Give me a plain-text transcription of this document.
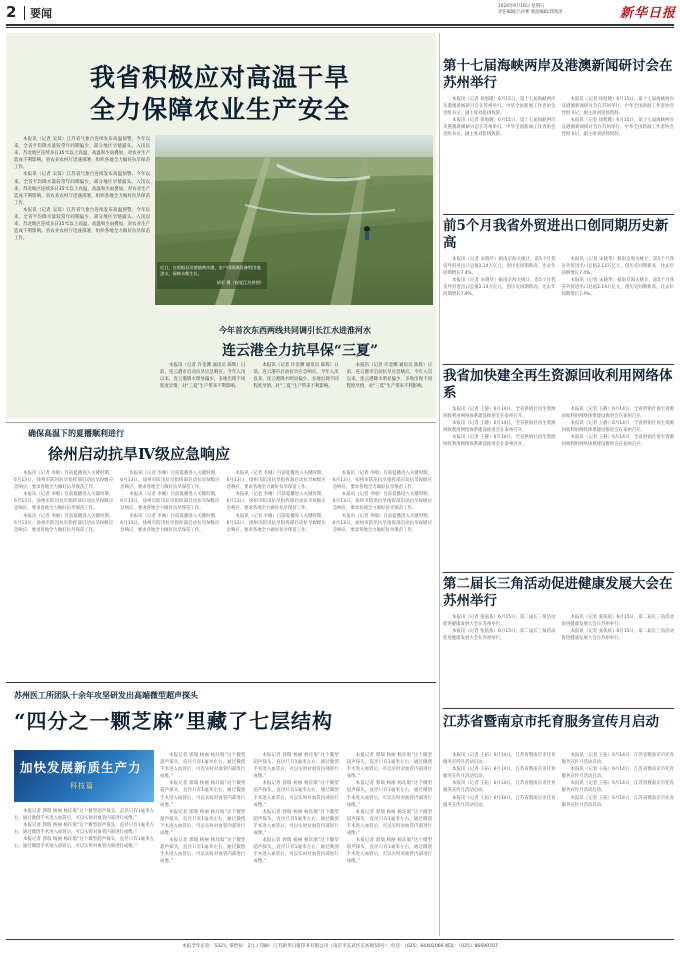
2 要闻
2024年6月16日 星期日
责任编辑/吕祥彬 版面编辑/郑纯清	新华日报
我省积极应对高温干旱
全力保障农业生产安全

本报讯（记者 吴琼）江苏省气象台连续发布高温预警。今年以来，全省平均降水量较常年同期偏少，部分地区旱情露头。入汛以来，苏北地区连续多日35℃以上高温，高温和少雨叠加，对农业生产造成不利影响。省农业农村厅迅速部署，组织各地全力做好抗旱保苗工作。

本报讯（记者 吴琼）江苏省气象台连续发布高温预警。今年以来，全省平均降水量较常年同期偏少，部分地区旱情露头。入汛以来，苏北地区连续多日35℃以上高温，高温和少雨叠加，对农业生产造成不利影响。省农业农村厅迅速部署，组织各地全力做好抗旱保苗工作。

本报讯（记者 吴琼）江苏省气象台连续发布高温预警。今年以来，全省平均降水量较常年同期偏少，部分地区旱情露头。入汛以来，苏北地区连续多日35℃以上高温，高温和少雨叠加，对农业生产造成不利影响。省农业农村厅迅速部署，组织各地全力做好抗旱保苗工作。

近日，在射阳县洋港镇黄沙港，农户用喷淋设备给田地浇水，保障水稻生长。
胡军 摄（视觉江苏供图）
今年首次东西两线共同调引长江水进淮河水
连云港全力抗旱保“三夏”

本报讯（记者 许金渊 通讯员 陈辉）日前，连云港市启动抗旱应急响应。今年入汛以来，连云港降水明显偏少，多地出现不同程度旱情，对“三夏”生产带来不利影响。

本报讯（记者 许金渊 通讯员 陈辉）日前，连云港市启动抗旱应急响应。今年入汛以来，连云港降水明显偏少，多地出现不同程度旱情，对“三夏”生产带来不利影响。

本报讯（记者 许金渊 通讯员 陈辉）日前，连云港市启动抗旱应急响应。今年入汛以来，连云港降水明显偏少，多地出现不同程度旱情，对“三夏”生产带来不利影响。

确保高温下的夏播顺利进行
徐州启动抗旱Ⅳ级应急响应

本报讯（记者 李刚）目前夏播进入关键时期，6月13日，徐州市防汛抗旱指挥部启动抗旱Ⅳ级应急响应，要求各地全力做好抗旱保苗工作。

本报讯（记者 李刚）目前夏播进入关键时期，6月13日，徐州市防汛抗旱指挥部启动抗旱Ⅳ级应急响应，要求各地全力做好抗旱保苗工作。

本报讯（记者 李刚）目前夏播进入关键时期，6月13日，徐州市防汛抗旱指挥部启动抗旱Ⅳ级应急响应，要求各地全力做好抗旱保苗工作。

本报讯（记者 李刚）目前夏播进入关键时期，6月13日，徐州市防汛抗旱指挥部启动抗旱Ⅳ级应急响应，要求各地全力做好抗旱保苗工作。

本报讯（记者 李刚）目前夏播进入关键时期，6月13日，徐州市防汛抗旱指挥部启动抗旱Ⅳ级应急响应，要求各地全力做好抗旱保苗工作。

本报讯（记者 李刚）目前夏播进入关键时期，6月13日，徐州市防汛抗旱指挥部启动抗旱Ⅳ级应急响应，要求各地全力做好抗旱保苗工作。

本报讯（记者 李刚）目前夏播进入关键时期，6月13日，徐州市防汛抗旱指挥部启动抗旱Ⅳ级应急响应，要求各地全力做好抗旱保苗工作。

本报讯（记者 李刚）目前夏播进入关键时期，6月13日，徐州市防汛抗旱指挥部启动抗旱Ⅳ级应急响应，要求各地全力做好抗旱保苗工作。

本报讯（记者 李刚）目前夏播进入关键时期，6月13日，徐州市防汛抗旱指挥部启动抗旱Ⅳ级应急响应，要求各地全力做好抗旱保苗工作。

本报讯（记者 李刚）目前夏播进入关键时期，6月13日，徐州市防汛抗旱指挥部启动抗旱Ⅳ级应急响应，要求各地全力做好抗旱保苗工作。

本报讯（记者 李刚）目前夏播进入关键时期，6月13日，徐州市防汛抗旱指挥部启动抗旱Ⅳ级应急响应，要求各地全力做好抗旱保苗工作。

本报讯（记者 李刚）目前夏播进入关键时期，6月13日，徐州市防汛抗旱指挥部启动抗旱Ⅳ级应急响应，要求各地全力做好抗旱保苗工作。

苏州医工所团队十余年攻坚研发出高端微型超声探头
“四分之一颗芝麻”里藏了七层结构
加快发展新质生产力
科技篇

本报记者 郭瑞 杨丽 杨珏琚“这个微型超声探头，直径只有1毫米左右，通过微创手术进入血管后，可以实时对血管内部进行成像。”

本报记者 郭瑞 杨丽 杨珏琚“这个微型超声探头，直径只有1毫米左右，通过微创手术进入血管后，可以实时对血管内部进行成像。”

本报记者 郭瑞 杨丽 杨珏琚“这个微型超声探头，直径只有1毫米左右，通过微创手术进入血管后，可以实时对血管内部进行成像。”

本报记者 郭瑞 杨丽 杨珏琚“这个微型超声探头，直径只有1毫米左右，通过微创手术进入血管后，可以实时对血管内部进行成像。”

本报记者 郭瑞 杨丽 杨珏琚“这个微型超声探头，直径只有1毫米左右，通过微创手术进入血管后，可以实时对血管内部进行成像。”

本报记者 郭瑞 杨丽 杨珏琚“这个微型超声探头，直径只有1毫米左右，通过微创手术进入血管后，可以实时对血管内部进行成像。”

本报记者 郭瑞 杨丽 杨珏琚“这个微型超声探头，直径只有1毫米左右，通过微创手术进入血管后，可以实时对血管内部进行成像。”

本报记者 郭瑞 杨丽 杨珏琚“这个微型超声探头，直径只有1毫米左右，通过微创手术进入血管后，可以实时对血管内部进行成像。”

本报记者 郭瑞 杨丽 杨珏琚“这个微型超声探头，直径只有1毫米左右，通过微创手术进入血管后，可以实时对血管内部进行成像。”

本报记者 郭瑞 杨丽 杨珏琚“这个微型超声探头，直径只有1毫米左右，通过微创手术进入血管后，可以实时对血管内部进行成像。”

本报记者 郭瑞 杨丽 杨珏琚“这个微型超声探头，直径只有1毫米左右，通过微创手术进入血管后，可以实时对血管内部进行成像。”

本报记者 郭瑞 杨丽 杨珏琚“这个微型超声探头，直径只有1毫米左右，通过微创手术进入血管后，可以实时对血管内部进行成像。”

本报记者 郭瑞 杨丽 杨珏琚“这个微型超声探头，直径只有1毫米左右，通过微创手术进入血管后，可以实时对血管内部进行成像。”

本报记者 郭瑞 杨丽 杨珏琚“这个微型超声探头，直径只有1毫米左右，通过微创手术进入血管后，可以实时对血管内部进行成像。”

本报记者 郭瑞 杨丽 杨珏琚“这个微型超声探头，直径只有1毫米左右，通过微创手术进入血管后，可以实时对血管内部进行成像。”

第十七届海峡两岸及港澳新闻研讨会在苏州举行

本报讯（记者 徐旭隆）6月15日，第十七届海峡两岸及港澳新闻研讨会在苏州举行。中华全国新闻工作者协会党组书记、副主席刘思扬致辞。

本报讯（记者 徐旭隆）6月15日，第十七届海峡两岸及港澳新闻研讨会在苏州举行。中华全国新闻工作者协会党组书记、副主席刘思扬致辞。

本报讯（记者 徐旭隆）6月15日，第十七届海峡两岸及港澳新闻研讨会在苏州举行。中华全国新闻工作者协会党组书记、副主席刘思扬致辞。

本报讯（记者 徐旭隆）6月15日，第十七届海峡两岸及港澳新闻研讨会在苏州举行。中华全国新闻工作者协会党组书记、副主席刘思扬致辞。

前5个月我省外贸进出口创同期历史新高

本报讯（记者 宋晓华）据南京海关统计，前5个月我省外贸进出口总值2.14万亿元，创历史同期新高，比去年同期增长7.4%。

本报讯（记者 宋晓华）据南京海关统计，前5个月我省外贸进出口总值2.14万亿元，创历史同期新高，比去年同期增长7.4%。

本报讯（记者 宋晓华）据南京海关统计，前5个月我省外贸进出口总值2.14万亿元，创历史同期新高，比去年同期增长7.4%。

本报讯（记者 宋晓华）据南京海关统计，前5个月我省外贸进出口总值2.14万亿元，创历史同期新高，比去年同期增长7.4%。

我省加快建全再生资源回收利用网络体系

本报讯（记者 王静）6月14日，全省供销社再生资源回收利用网络体系建设推进会在泰州召开。

本报讯（记者 王静）6月14日，全省供销社再生资源回收利用网络体系建设推进会在泰州召开。

本报讯（记者 王静）6月14日，全省供销社再生资源回收利用网络体系建设推进会在泰州召开。

本报讯（记者 王静）6月14日，全省供销社再生资源回收利用网络体系建设推进会在泰州召开。

本报讯（记者 王静）6月14日，全省供销社再生资源回收利用网络体系建设推进会在泰州召开。

本报讯（记者 王静）6月14日，全省供销社再生资源回收利用网络体系建设推进会在泰州召开。

第二届长三角活动促进健康发展大会在苏州举行

本报讯（记者 张依依）6月15日，第二届长三角活动促进健康发展大会在苏州举行。

本报讯（记者 张依依）6月15日，第二届长三角活动促进健康发展大会在苏州举行。

本报讯（记者 张依依）6月15日，第二届长三角活动促进健康发展大会在苏州举行。

本报讯（记者 张依依）6月15日，第二届长三角活动促进健康发展大会在苏州举行。

江苏省暨南京市托育服务宣传月启动

本报讯（记者 王拓）6月14日，江苏省暨南京市托育服务宣传月活动启动。

本报讯（记者 王拓）6月14日，江苏省暨南京市托育服务宣传月活动启动。

本报讯（记者 王拓）6月14日，江苏省暨南京市托育服务宣传月活动启动。

本报讯（记者 王拓）6月14日，江苏省暨南京市托育服务宣传月活动启动。

本报讯（记者 王拓）6月14日，江苏省暨南京市托育服务宣传月活动启动。

本报讯（记者 王拓）6月14日，江苏省暨南京市托育服务宣传月活动启动。

本报讯（记者 王拓）6月14日，江苏省暨南京市托育服务宣传月活动启动。

本报讯（记者 王拓）6月14日，江苏省暨南京市托育服务宣传月活动启动。

本报全年定价：532元 零售价：2元 / 印刷：江苏新华日报印务有限公司（南京市玄武区东坊街55号） 电话：（025）84402066 邮发：（025）86690707
